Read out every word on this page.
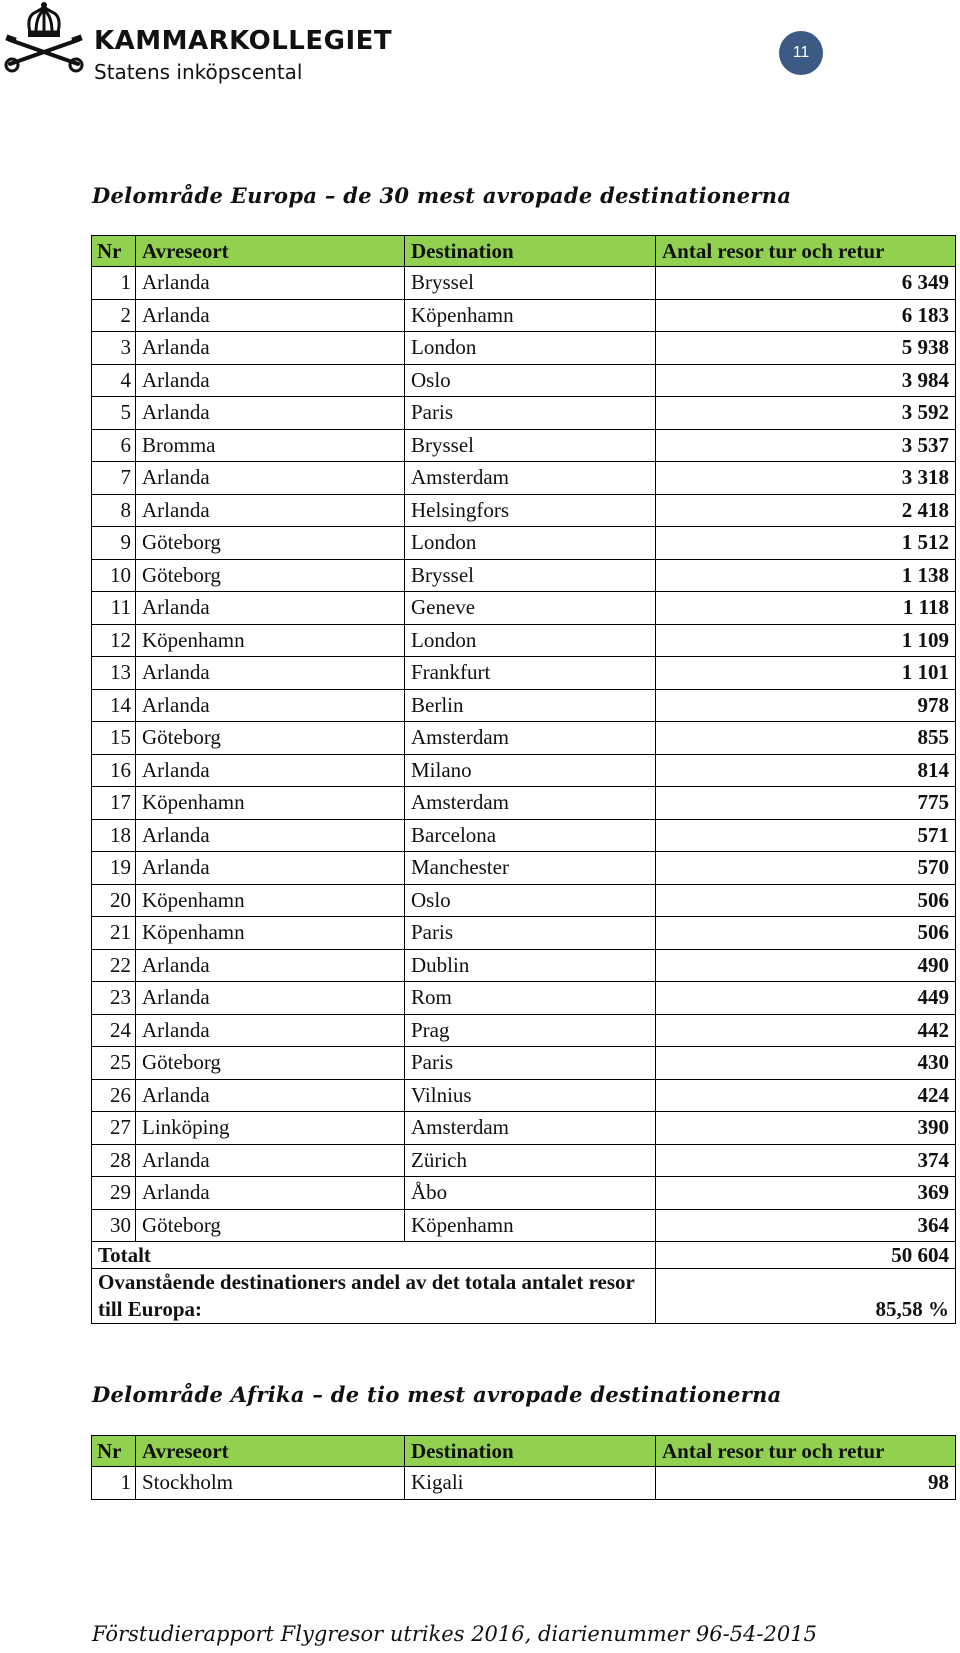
KAMMARKOLLEGIET
Statens inköpscental
11
Delområde Europa – de 30 mest avropade destinationerna
Nr	Avreseort	Destination	Antal resor tur och retur
1	Arlanda	Bryssel	6 349
2	Arlanda	Köpenhamn	6 183
3	Arlanda	London	5 938
4	Arlanda	Oslo	3 984
5	Arlanda	Paris	3 592
6	Bromma	Bryssel	3 537
7	Arlanda	Amsterdam	3 318
8	Arlanda	Helsingfors	2 418
9	Göteborg	London	1 512
10	Göteborg	Bryssel	1 138
11	Arlanda	Geneve	1 118
12	Köpenhamn	London	1 109
13	Arlanda	Frankfurt	1 101
14	Arlanda	Berlin	978
15	Göteborg	Amsterdam	855
16	Arlanda	Milano	814
17	Köpenhamn	Amsterdam	775
18	Arlanda	Barcelona	571
19	Arlanda	Manchester	570
20	Köpenhamn	Oslo	506
21	Köpenhamn	Paris	506
22	Arlanda	Dublin	490
23	Arlanda	Rom	449
24	Arlanda	Prag	442
25	Göteborg	Paris	430
26	Arlanda	Vilnius	424
27	Linköping	Amsterdam	390
28	Arlanda	Zürich	374
29	Arlanda	Åbo	369
30	Göteborg	Köpenhamn	364
Totalt			50 604
Ovanstående destinationers andel av det totala antalet resor till Europa:			85,58 %
Delområde Afrika – de tio mest avropade destinationerna
Nr	Avreseort	Destination	Antal resor tur och retur
1	Stockholm	Kigali	98
Förstudierapport Flygresor utrikes 2016, diarienummer 96-54-2015
